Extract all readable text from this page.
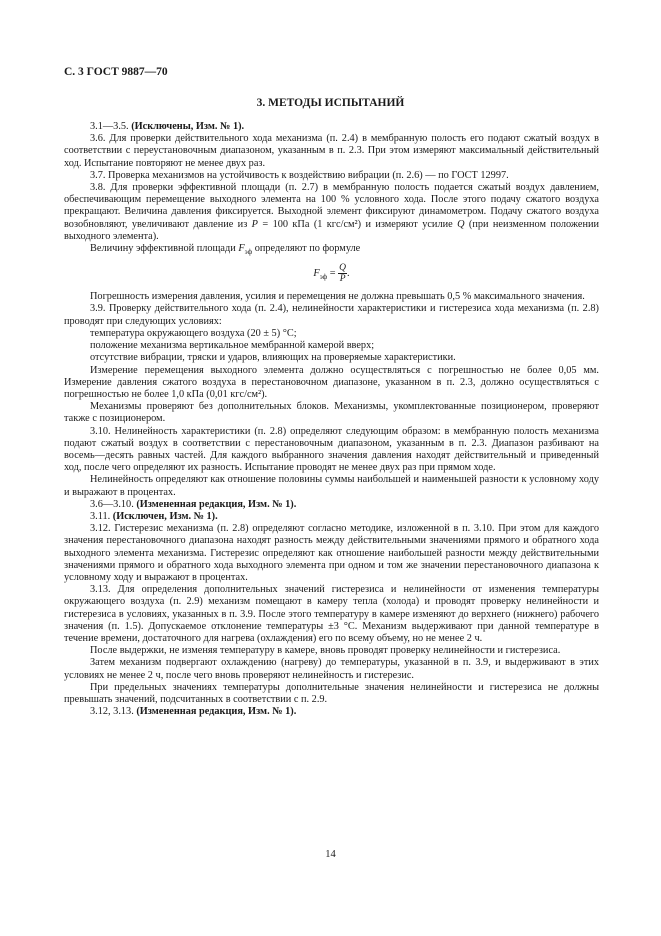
С. 3 ГОСТ 9887—70
3. МЕТОДЫ ИСПЫТАНИЙ

3.1—3.5. (Исключены, Изм. № 1).

3.6. Для проверки действительного хода механизма (п. 2.4) в мембранную полость его подают сжатый воздух в соответствии с переустановочным диапазоном, указанным в п. 2.3. При этом измеряют максимальный действительный ход. Испытание повторяют не менее двух раз.

3.7. Проверка механизмов на устойчивость к воздействию вибрации (п. 2.6) — по ГОСТ 12997.

3.8. Для проверки эффективной площади (п. 2.7) в мембранную полость подается сжатый воздух давлением, обеспечивающим перемещение выходного элемента на 100 % условного хода. После этого подачу сжатого воздуха прекращают. Величина давления фиксируется. Выходной элемент фиксируют динамометром. Подачу сжатого воздуха возобновляют, увеличивают давление из P = 100 кПа (1 кгс/см²) и измеряют усилие Q (при неизменном положении выходного элемента).

Величину эффективной площади $F_{эф}$ определяют по формуле

$F_{эф} = \frac{Q}{P}$ .

Погрешность измерения давления, усилия и перемещения не должна превышать 0,5 % максимального значения.

3.9. Проверку действительного хода (п. 2.4), нелинейности характеристики и гистерезиса хода механизма (п. 2.8) проводят при следующих условиях:

температура окружающего воздуха (20 ± 5) °C;

положение механизма вертикальное мембранной камерой вверх;

отсутствие вибрации, тряски и ударов, влияющих на проверяемые характеристики.

Измерение перемещения выходного элемента должно осуществляться с погрешностью не более 0,05 мм. Измерение давления сжатого воздуха в перестановочном диапазоне, указанном в п. 2.3, должно осуществляться с погрешностью не более 1,0 кПа (0,01 кгс/см²).

Механизмы проверяют без дополнительных блоков. Механизмы, укомплектованные позиционером, проверяют также с позиционером.

3.10. Нелинейность характеристики (п. 2.8) определяют следующим образом: в мембранную полость механизма подают сжатый воздух в соответствии с перестановочным диапазоном, указанным в п. 2.3. Диапазон разбивают на восемь—десять равных частей. Для каждого выбранного значения давления находят действительный и приведенный ход, после чего определяют их разность. Испытание проводят не менее двух раз при прямом ходе.

Нелинейность определяют как отношение половины суммы наибольшей и наименьшей разности к условному ходу и выражают в процентах.

3.6—3.10. (Измененная редакция, Изм. № 1).

3.11. (Исключен, Изм. № 1).

3.12. Гистерезис механизма (п. 2.8) определяют согласно методике, изложенной в п. 3.10. При этом для каждого значения перестановочного диапазона находят разность между действительными значениями прямого и обратного хода выходного элемента механизма. Гистерезис определяют как отношение наибольшей разности между действительными значениями прямого и обратного хода выходного элемента при одном и том же значении перестановочного диапазона к условному ходу и выражают в процентах.

3.13. Для определения дополнительных значений гистерезиса и нелинейности от изменения температуры окружающего воздуха (п. 2.9) механизм помещают в камеру тепла (холода) и проводят проверку нелинейности и гистерезиса в условиях, указанных в п. 3.9. После этого температуру в камере изменяют до верхнего (нижнего) рабочего значения (п. 1.5). Допускаемое отклонение температуры ±3 °C. Механизм выдерживают при данной температуре в течение времени, достаточного для нагрева (охлаждения) его по всему объему, но не менее 2 ч.

После выдержки, не изменяя температуру в камере, вновь проводят проверку нелинейности и гистерезиса.

Затем механизм подвергают охлаждению (нагреву) до температуры, указанной в п. 3.9, и выдерживают в этих условиях не менее 2 ч, после чего вновь проверяют нелинейность и гистерезис.

При предельных значениях температуры дополнительные значения нелинейности и гистерезиса не должны превышать значений, подсчитанных в соответствии с п. 2.9.

3.12, 3.13. (Измененная редакция, Изм. № 1).

14
